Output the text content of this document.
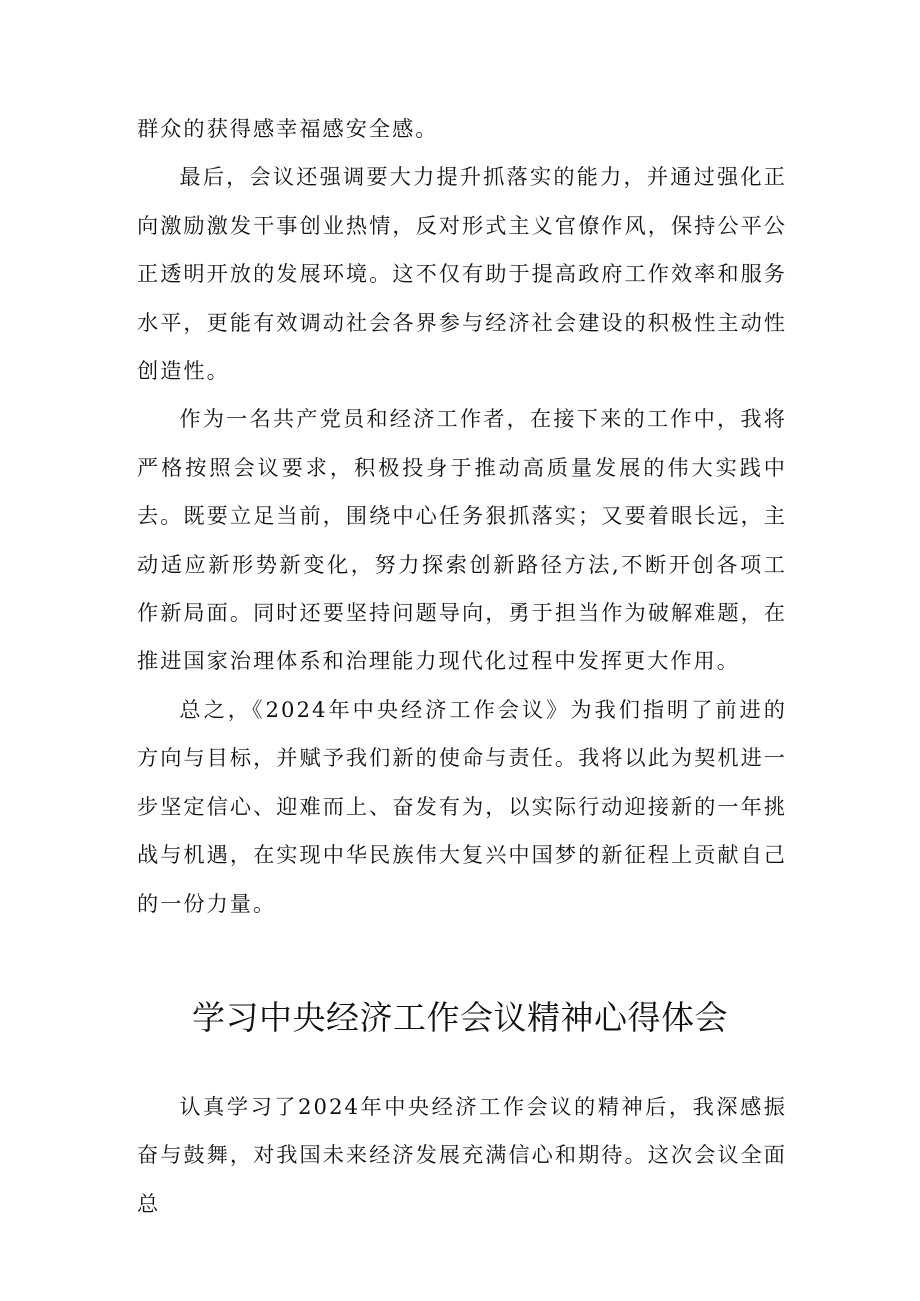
群众的获得感幸福感安全感。

最后，会议还强调要大力提升抓落实的能力，并通过强化正向激励激发干事创业热情，反对形式主义官僚作风，保持公平公正透明开放的发展环境。这不仅有助于提高政府工作效率和服务水平，更能有效调动社会各界参与经济社会建设的积极性主动性创造性。

作为一名共产党员和经济工作者，在接下来的工作中，我将严格按照会议要求，积极投身于推动高质量发展的伟大实践中去。既要立足当前，围绕中心任务狠抓落实；又要着眼长远，主动适应新形势新变化，努力探索创新路径方法,不断开创各项工作新局面。同时还要坚持问题导向，勇于担当作为破解难题，在推进国家治理体系和治理能力现代化过程中发挥更大作用。

总之，《2024年中央经济工作会议》为我们指明了前进的方向与目标，并赋予我们新的使命与责任。我将以此为契机进一步坚定信心、迎难而上、奋发有为，以实际行动迎接新的一年挑战与机遇，在实现中华民族伟大复兴中国梦的新征程上贡献自己的一份力量。

学习中央经济工作会议精神心得体会

认真学习了2024年中央经济工作会议的精神后，我深感振奋与鼓舞，对我国未来经济发展充满信心和期待。这次会议全面总
